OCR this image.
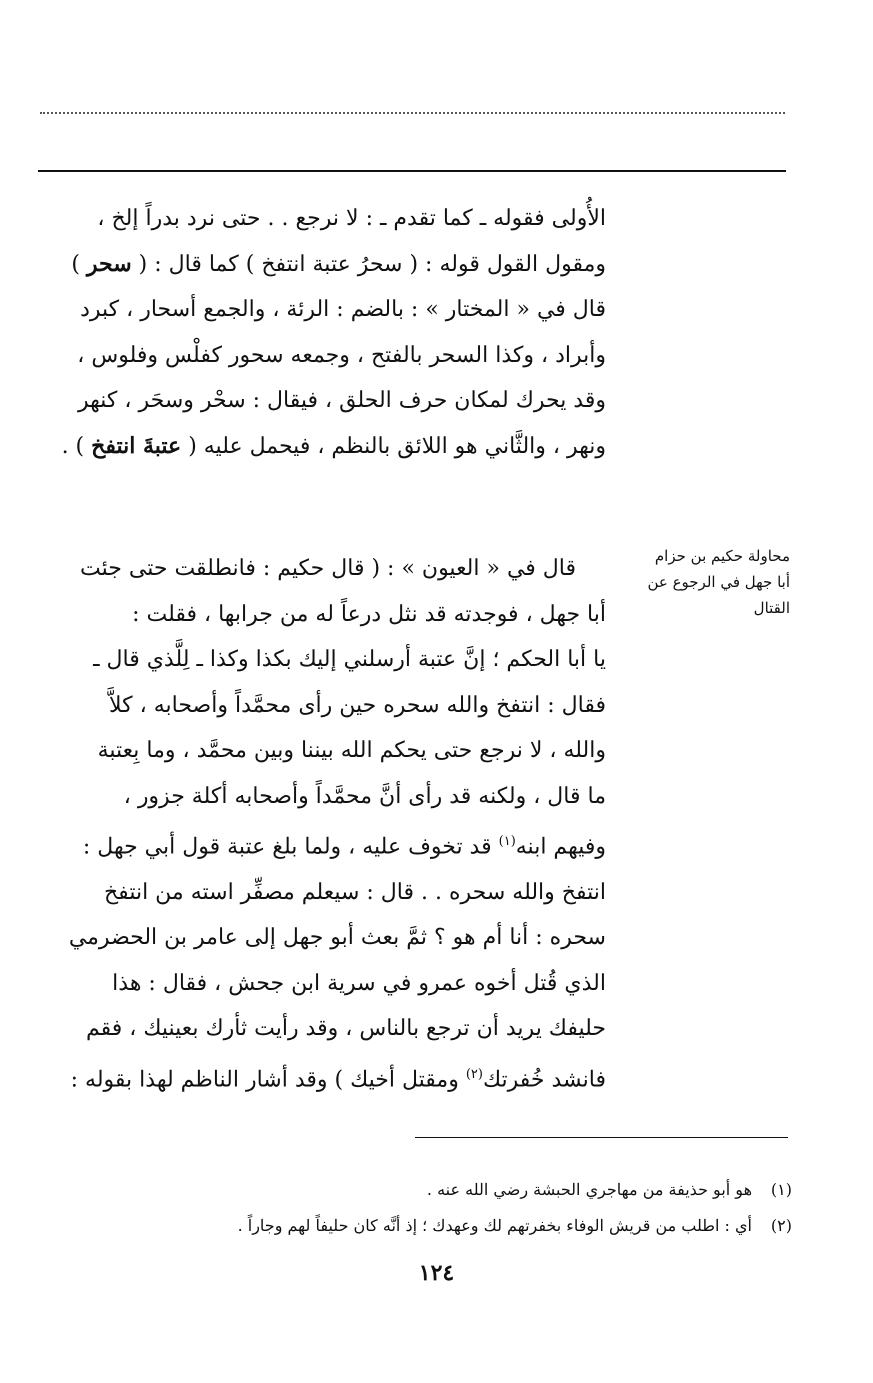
الأُولى فقوله ـ كما تقدم ـ : لا نرجع . . حتى نرد بدراً إلخ ،
ومقول القول قوله : ( سحرُ عتبة انتفخ ) كما قال : ( سحر )
قال في « المختار » : بالضم : الرئة ، والجمع أسحار ، كبرد
وأبراد ، وكذا السحر بالفتح ، وجمعه سحور كفلْس وفلوس ،
وقد يحرك لمكان حرف الحلق ، فيقال : سحْر وسحَر ، كنهر
ونهر ، والثَّاني هو اللائق بالنظم ، فيحمل عليه ( عتبةَ انتفخ ) .
محاولة حكيم بن حزام
أبا جهل في الرجوع عن
القتال
قال في « العيون » : ( قال حكيم : فانطلقت حتى جئت
أبا جهل ، فوجدته قد نثل درعاً له من جرابها ، فقلت :
يا أبا الحكم ؛ إنَّ عتبة أرسلني إليك بكذا وكذا ـ لِلَّذي قال ـ
فقال : انتفخ والله سحره حين رأى محمَّداً وأصحابه ، كلاَّ
والله ، لا نرجع حتى يحكم الله بيننا وبين محمَّد ، وما بِعتبة
ما قال ، ولكنه قد رأى أنَّ محمَّداً وأصحابه أكلة جزور ،
وفيهم ابنه$^{(١)}$ قد تخوف عليه ، ولما بلغ عتبة قول أبي جهل :
انتفخ والله سحره . . قال : سيعلم مصفِّر استه من انتفخ
سحره : أنا أم هو ؟ ثمَّ بعث أبو جهل إلى عامر بن الحضرمي
الذي قُتل أخوه عمرو في سرية ابن جحش ، فقال : هذا
حليفك يريد أن ترجع بالناس ، وقد رأيت ثأرك بعينيك ، فقم
فانشد خُفرتك$^{(٢)}$ ومقتل أخيك ) وقد أشار الناظم لهذا بقوله :
(١)هو أبو حذيفة من مهاجري الحبشة رضي الله عنه .
(٢)أي : اطلب من قريش الوفاء بخفرتهم لك وعهدك ؛ إذ أنَّه كان حليفاً لهم وجاراً .
١٢٤
